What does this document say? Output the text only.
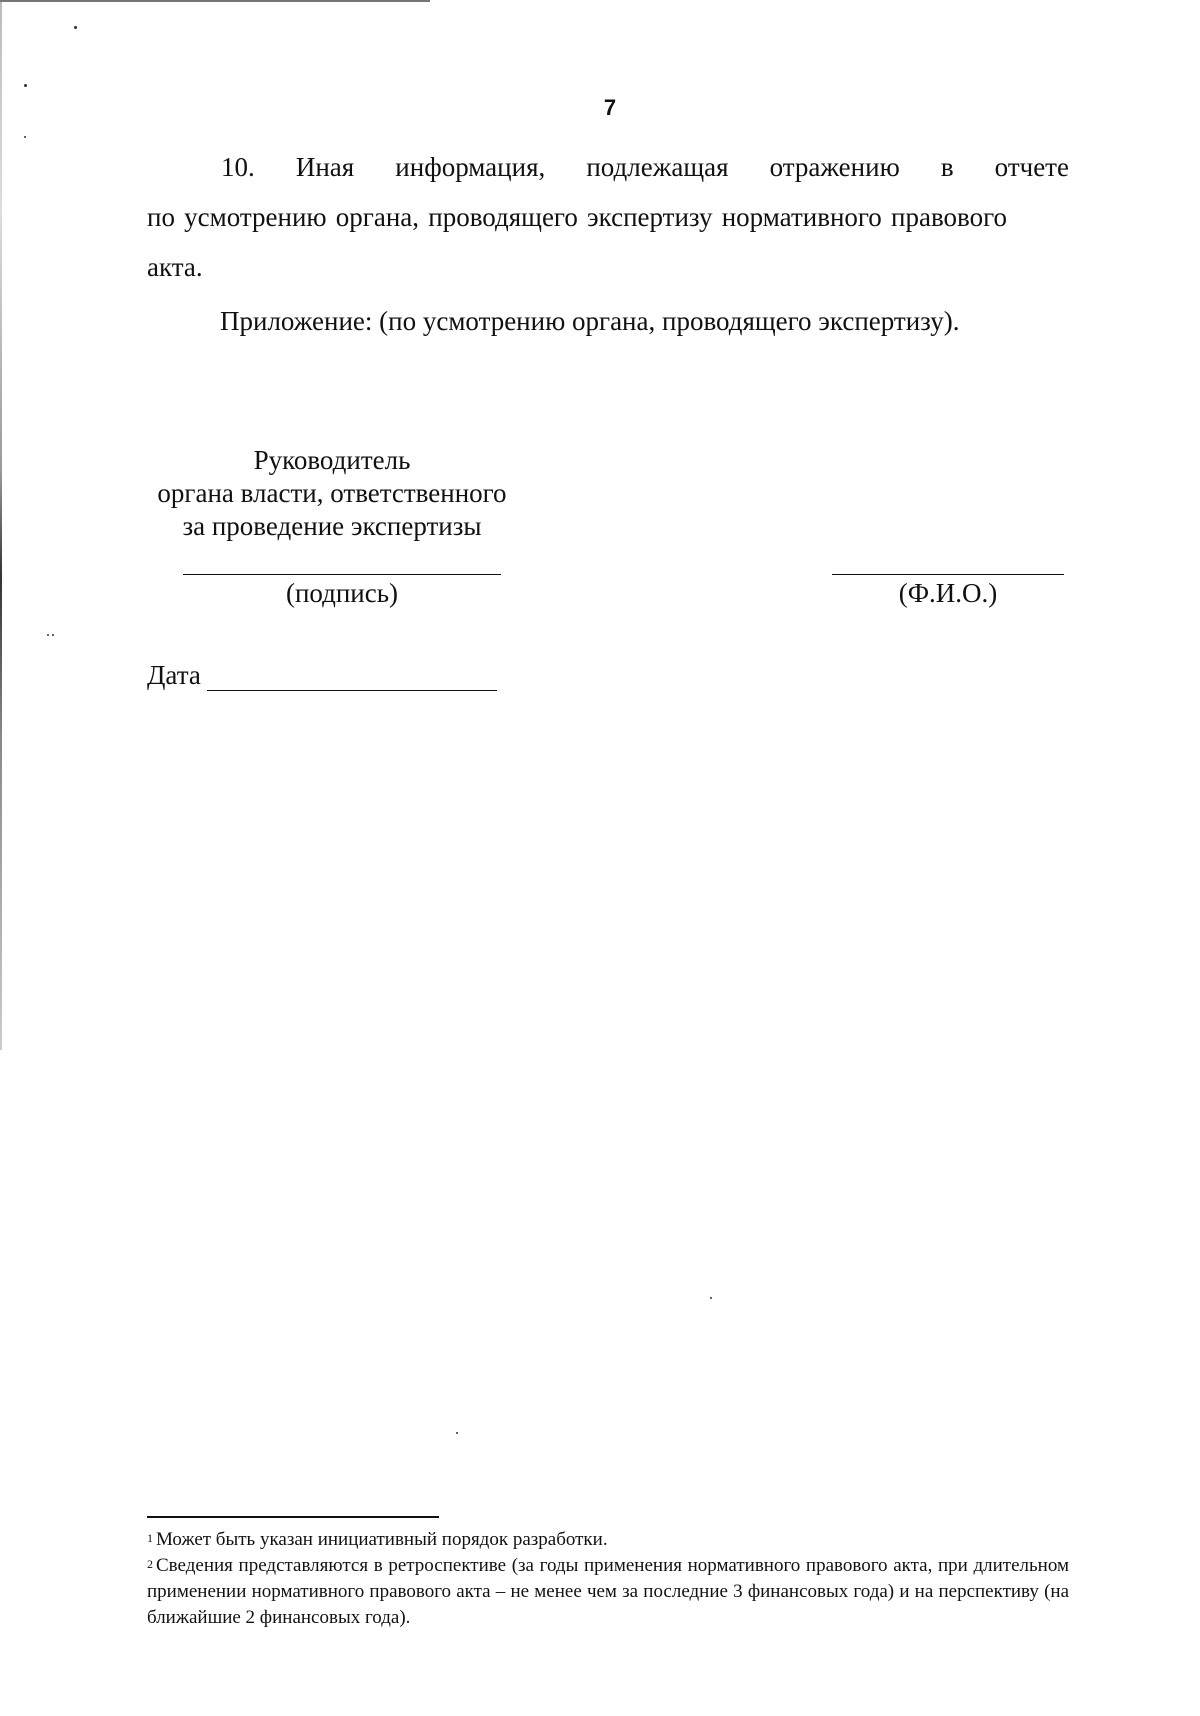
7
10. Иная информация, подлежащая отражению в отчете
по усмотрению органа, проводящего экспертизу нормативного правового акта.
Приложение: (по усмотрению органа, проводящего экспертизу).
Руководитель
органа власти, ответственного
за проведение экспертизы
(подпись)	(Ф.И.О.)
Дата
$^1$ Может быть указан инициативный порядок разработки.
$^2$ Сведения представляются в ретроспективе (за годы применения нормативного правового акта, при длительном применении нормативного правового акта – не менее чем за последние 3 финансовых года) и на перспективу (на ближайшие 2 финансовых года).
